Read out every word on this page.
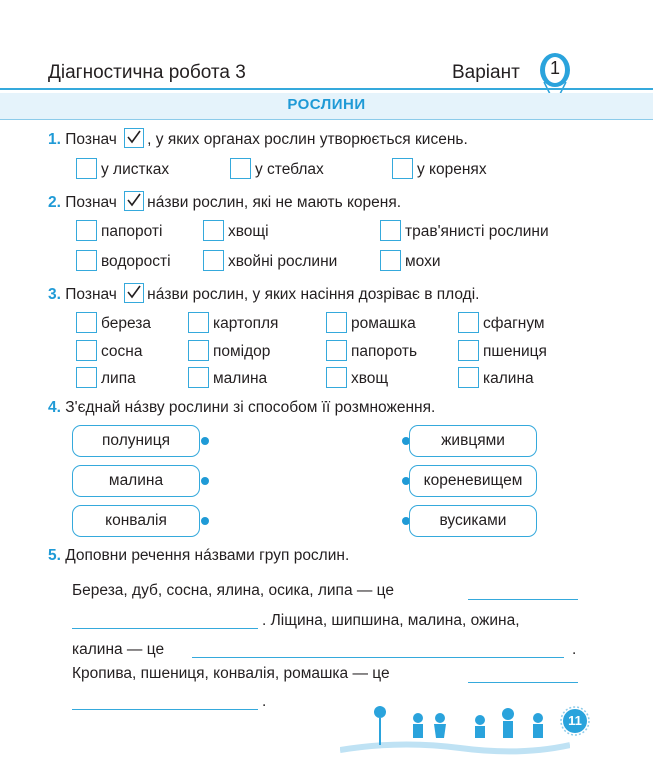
Діагностична робота 3	Варіант	1
РОСЛИНИ
1. Познач , у яких органах рослин утворюється кисень.
у листках	у стеблах	у коренях
2. Познач нáзви рослин, які не мають кореня.
папороті	хвощі	трав'янисті рослини
водорості	хвойні рослини	мохи
3. Познач нáзви рослин, у яких насіння дозріває в плоді.
береза	картопля	ромашка	сфагнум
сосна	помідор	папороть	пшениця
липа	малина	хвощ	калина
4. З'єднай нáзву рослини зі способом її розмноження.
полуниця
малина
конвалія
живцями
кореневищем
вусиками
5. Доповни речення нáзвами груп рослин.
Береза, дуб, сосна, ялина, осика, липа — це
. Ліщина, шипшина, малина, ожина,
калина — це	.
Кропива, пшениця, конвалія, ромашка — це
.
11
